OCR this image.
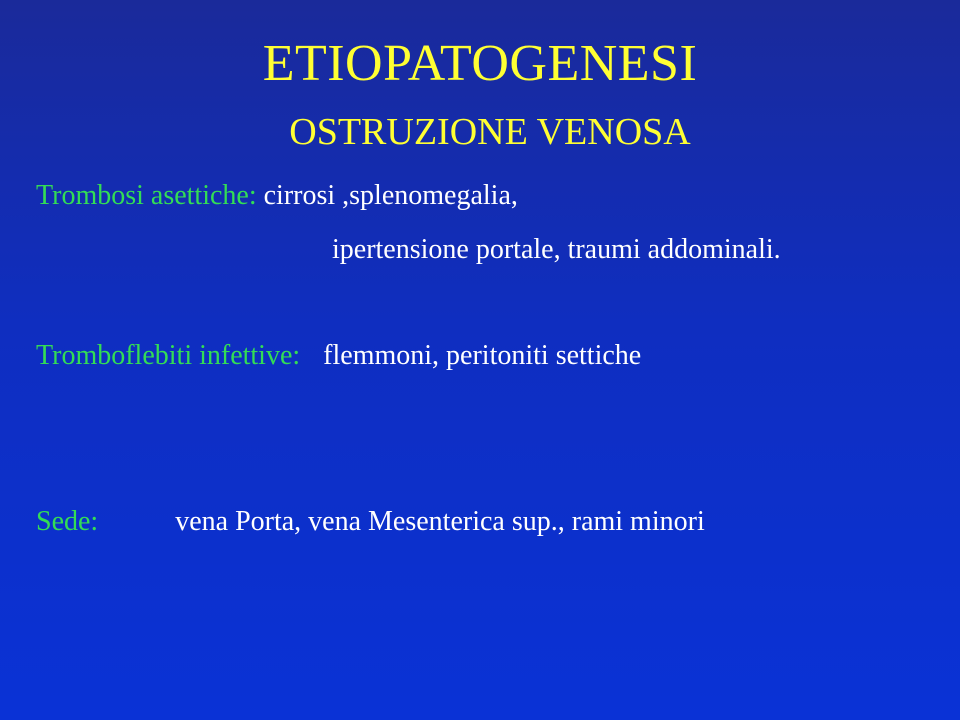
ETIOPATOGENESI
OSTRUZIONE VENOSA
Trombosi asettiche: cirrosi ,splenomegalia,
ipertensione portale, traumi addominali.
Tromboflebiti infettive: flemmoni, peritoniti settiche
Sede:	vena Porta, vena Mesenterica sup., rami minori
